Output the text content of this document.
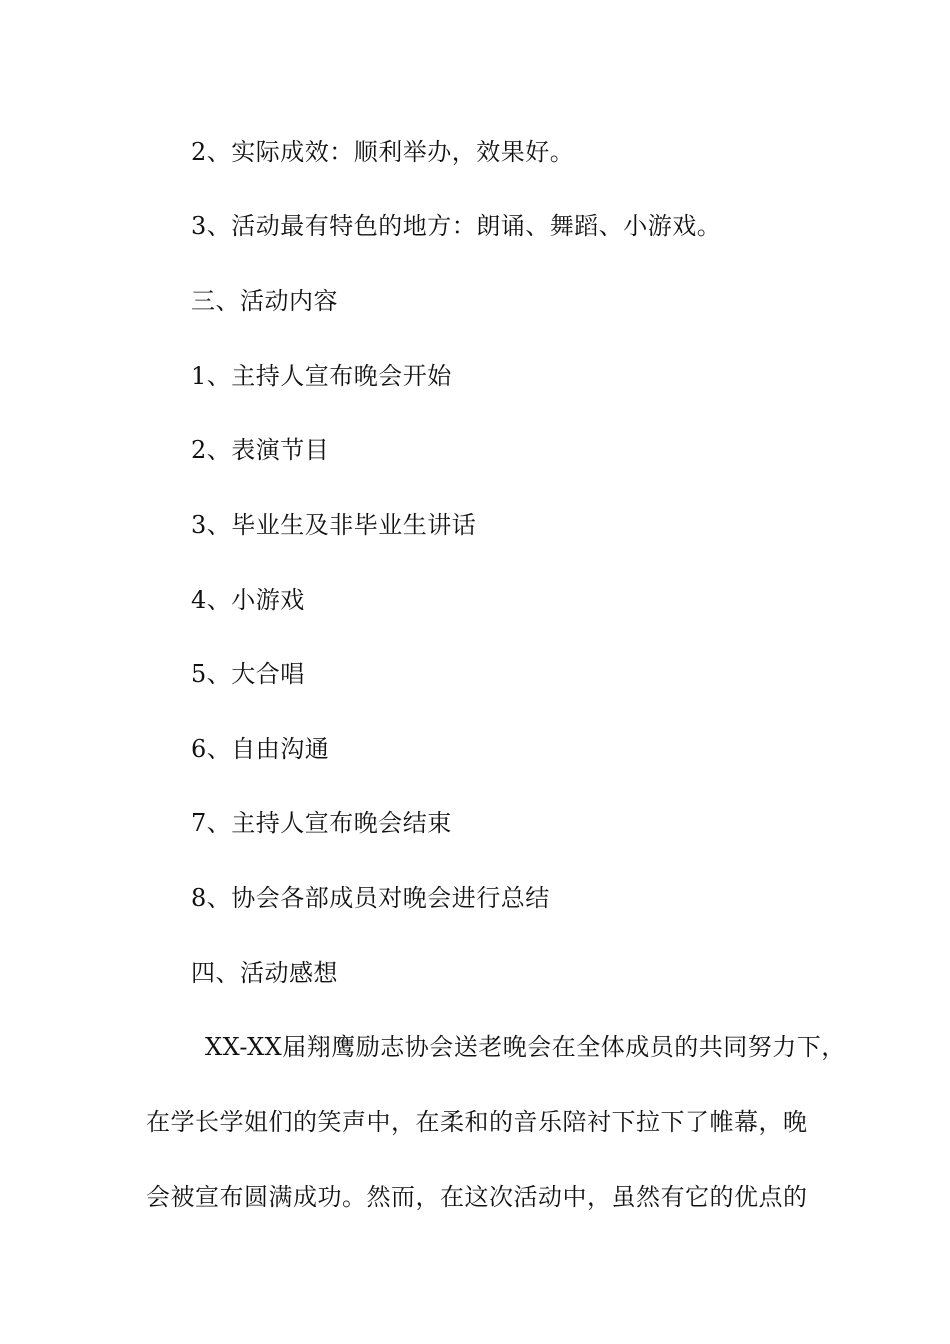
2、实际成效：顺利举办，效果好。
3、活动最有特色的地方：朗诵、舞蹈、小游戏。
三、活动内容
1、主持人宣布晚会开始
2、表演节目
3、毕业生及非毕业生讲话
4、小游戏
5、大合唱
6、自由沟通
7、主持人宣布晚会结束
8、协会各部成员对晚会进行总结
四、活动感想
XX-XX届翔鹰励志协会送老晚会在全体成员的共同努力下，
在学长学姐们的笑声中，在柔和的音乐陪衬下拉下了帷幕，晚
会被宣布圆满成功。然而，在这次活动中，虽然有它的优点的
